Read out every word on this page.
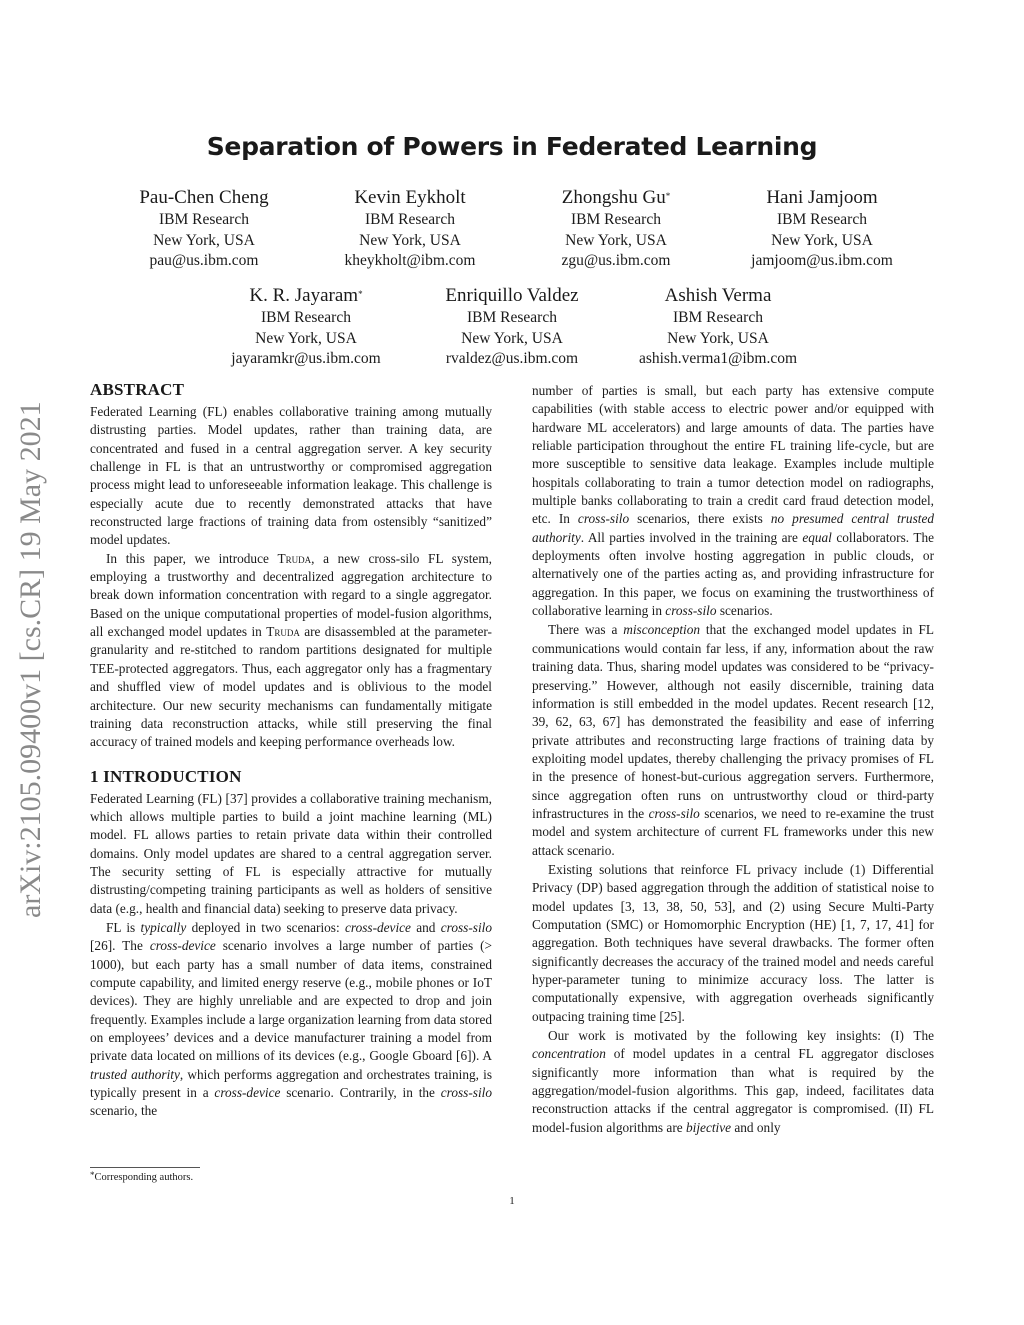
arXiv:2105.09400v1 [cs.CR] 19 May 2021
Separation of Powers in Federated Learning
Pau-Chen Cheng
IBM Research
New York, USA
pau@us.ibm.com
Kevin Eykholt
IBM Research
New York, USA
kheykholt@ibm.com
Zhongshu Gu*
IBM Research
New York, USA
zgu@us.ibm.com
Hani Jamjoom
IBM Research
New York, USA
jamjoom@us.ibm.com
K. R. Jayaram*
IBM Research
New York, USA
jayaramkr@us.ibm.com
Enriquillo Valdez
IBM Research
New York, USA
rvaldez@us.ibm.com
Ashish Verma
IBM Research
New York, USA
ashish.verma1@ibm.com
ABSTRACT

Federated Learning (FL) enables collaborative training among mutually distrusting parties. Model updates, rather than training data, are concentrated and fused in a central aggregation server. A key security challenge in FL is that an untrustworthy or compromised aggregation process might lead to unforeseeable information leakage. This challenge is especially acute due to recently demonstrated attacks that have reconstructed large fractions of training data from ostensibly “sanitized” model updates.

In this paper, we introduce Truda, a new cross-silo FL system, employing a trustworthy and decentralized aggregation architecture to break down information concentration with regard to a single aggregator. Based on the unique computational properties of model-fusion algorithms, all exchanged model updates in Truda are disassembled at the parameter-granularity and re-stitched to random partitions designated for multiple TEE-protected aggregators. Thus, each aggregator only has a fragmentary and shuffled view of model updates and is oblivious to the model architecture. Our new security mechanisms can fundamentally mitigate training data reconstruction attacks, while still preserving the final accuracy of trained models and keeping performance overheads low.

1 INTRODUCTION

Federated Learning (FL) [37] provides a collaborative training mechanism, which allows multiple parties to build a joint machine learning (ML) model. FL allows parties to retain private data within their controlled domains. Only model updates are shared to a central aggregation server. The security setting of FL is especially attractive for mutually distrusting/competing training participants as well as holders of sensitive data (e.g., health and financial data) seeking to preserve data privacy.

FL is typically deployed in two scenarios: cross-device and cross-silo [26]. The cross-device scenario involves a large number of parties (> 1000), but each party has a small number of data items, constrained compute capability, and limited energy reserve (e.g., mobile phones or IoT devices). They are highly unreliable and are expected to drop and join frequently. Examples include a large organization learning from data stored on employees’ devices and a device manufacturer training a model from private data located on millions of its devices (e.g., Google Gboard [6]). A trusted authority, which performs aggregation and orchestrates training, is typically present in a cross-device scenario. Contrarily, in the cross-silo scenario, the

number of parties is small, but each party has extensive compute capabilities (with stable access to electric power and/or equipped with hardware ML accelerators) and large amounts of data. The parties have reliable participation throughout the entire FL training life-cycle, but are more susceptible to sensitive data leakage. Examples include multiple hospitals collaborating to train a tumor detection model on radiographs, multiple banks collaborating to train a credit card fraud detection model, etc. In cross-silo scenarios, there exists no presumed central trusted authority. All parties involved in the training are equal collaborators. The deployments often involve hosting aggregation in public clouds, or alternatively one of the parties acting as, and providing infrastructure for aggregation. In this paper, we focus on examining the trustworthiness of collaborative learning in cross-silo scenarios.

There was a misconception that the exchanged model updates in FL communications would contain far less, if any, information about the raw training data. Thus, sharing model updates was considered to be “privacy-preserving.” However, although not easily discernible, training data information is still embedded in the model updates. Recent research [12, 39, 62, 63, 67] has demonstrated the feasibility and ease of inferring private attributes and reconstructing large fractions of training data by exploiting model updates, thereby challenging the privacy promises of FL in the presence of honest-but-curious aggregation servers. Furthermore, since aggregation often runs on untrustworthy cloud or third-party infrastructures in the cross-silo scenarios, we need to re-examine the trust model and system architecture of current FL frameworks under this new attack scenario.

Existing solutions that reinforce FL privacy include (1) Differential Privacy (DP) based aggregation through the addition of statistical noise to model updates [3, 13, 38, 50, 53], and (2) using Secure Multi-Party Computation (SMC) or Homomorphic Encryption (HE) [1, 7, 17, 41] for aggregation. Both techniques have several drawbacks. The former often significantly decreases the accuracy of the trained model and needs careful hyper-parameter tuning to minimize accuracy loss. The latter is computationally expensive, with aggregation overheads significantly outpacing training time [25].

Our work is motivated by the following key insights: (I) The concentration of model updates in a central FL aggregator discloses significantly more information than what is required by the aggregation/model-fusion algorithms. This gap, indeed, facilitates data reconstruction attacks if the central aggregator is compromised. (II) FL model-fusion algorithms are bijective and only

*Corresponding authors.
1
